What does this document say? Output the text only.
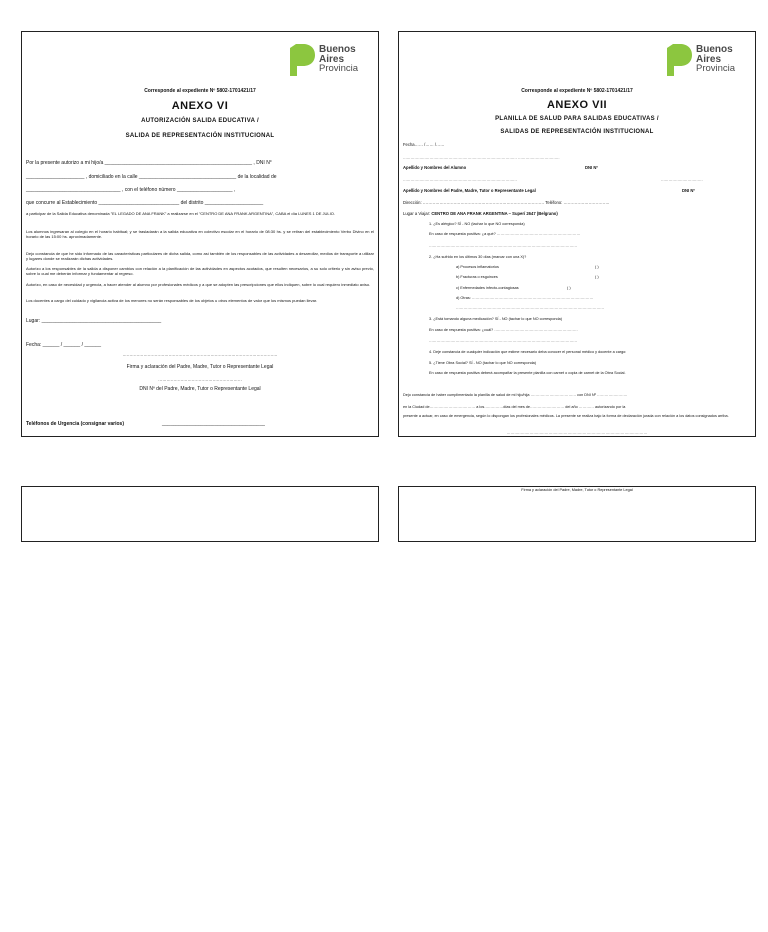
Buenos
Aires
Provincia
Corresponde al expediente Nº 5802-1701421/17
ANEXO VI
AUTORIZACIÓN SALIDA EDUCATIVA /
SALIDA DE REPRESENTACIÓN INSTITUCIONAL
Por la presente autorizo a mi hijo/a _____________________________________________________ , DNI N°
_____________________ , domiciliado en la calle ___________________________________ de la localidad de
__________________________________ , con el teléfono número ____________________ ,
que concurre al Establecimiento _____________________________ del distrito _____________________
a participar de la Salida Educativa denominada "EL LEGADO DE ANA FRANK" a realizarse en el "CENTRO DE ANA FRANK ARGENTINA", CABA el día LUNES 1 DE JULIO.
Los alumnos ingresaran al colegio en el horario habitual; y se trasladarán a la salida educativa en colectivo escolar en el horario de 08:30 hs. y se retiran del establecimiento Verbo Divino en el horario de las 15:00 hs. aproximadamente.
Dejo constancia de que he sido informado de las características particulares de dicha salida, como así también de los responsables de las actividades a desarrollar, medios de transporte a utilizar y lugares donde se realizarán dichas actividades.
Autorizo a los responsables de la salida a disponer cambios con relación a la planificación de las actividades en aspectos acotados, que resulten necesarios, a su solo criterio y sin aviso previo, sobre lo cual me deberán informar y fundamentar al regreso.
Autorizo, en caso de necesidad y urgencia, a hacer atender al alumno por profesionales médicos y a que se adopten las prescripciones que ellos indiquen, sobre lo cual requiero inmediato aviso.
Los docentes a cargo del cuidado y vigilancia activa de los menores no serán responsables de los objetos u otros elementos de valor que los mismos puedan llevar.
Lugar: ___________________________________________
Fecha: ______ / ______ / ______
…………………………………………………………………………………………………
Firma y aclaración del Padre, Madre, Tutor o Representante Legal
……………………………………………………
DNI Nº del Padre, Madre, Tutor o Representante Legal
Teléfonos de Urgencia (consignar varios)	_____________________________________
Buenos
Aires
Provincia
Corresponde al expediente Nº 5802-1701421/17
ANEXO VII
PLANILLA DE SALUD PARA SALIDAS EDUCATIVAS /
SALIDAS DE REPRESENTACIÓN INSTITUCIONAL
Fecha…… /…… /……
……………………………………………………………………………… ……………………………
Apellido y Nombres del Alumno	DNI Nº
………………………………………………………………………………	……………………………
Apellido y Nombres del Padre, Madre, Tutor o Representante Legal	DNI Nº
Dirección: …………………………………………………………………………… Teléfono: ……………………………
Lugar a Viajar: CENTRO DE ANA FRANK ARGENTINA – Superí 2647 (Belgrano)
1. ¿Es alérgico? SÍ - NO (tachar lo que NO corresponda)
En caso de respuesta positiva: ¿a qué? …………………………………………………………
………………………………………………………………………………………………………
2. ¿Ha sufrido en los últimos 30 días (marcar con una X)?
a) Procesos inflamatorios	( )
b) Fracturas o esguinces	( )
c) Enfermedades infecto-contagiosas	( )
d) Otras: ……………………………………………………………………………………
………………………………………………………………………………………………………
3. ¿Está tomando alguna medicación? SÍ - NO (tachar lo que NO corresponda)
En caso de respuesta positiva: ¿cuál? …………………………………………………………
………………………………………………………………………………………………………
4. Deje constancia de cualquier indicación que estime necesario deba conocer el personal médico y docente a cargo:
5. ¿Tiene Obra Social? SÍ - NO (tachar lo que NO corresponda)
En caso de respuesta positiva deberá acompañar la presente planilla con carnet o copia de carnet de la Obra Social.
Dejo constancia de haber cumplimentado la planilla de salud de mi hijo/hija ……………………………… con DNI Nº ……………………
en la Ciudad de……………………………… a los……………días del mes de……………………… del año ………… autorizando por la
presente a actuar, en caso de emergencia, según lo dispongan los profesionales médicos. La presente se realiza bajo la forma de declaración jurada con relación a los datos consignados arriba.
…………………………………………………………………………………………………
Firma y aclaración del Padre, Madre, Tutor o Representante Legal
